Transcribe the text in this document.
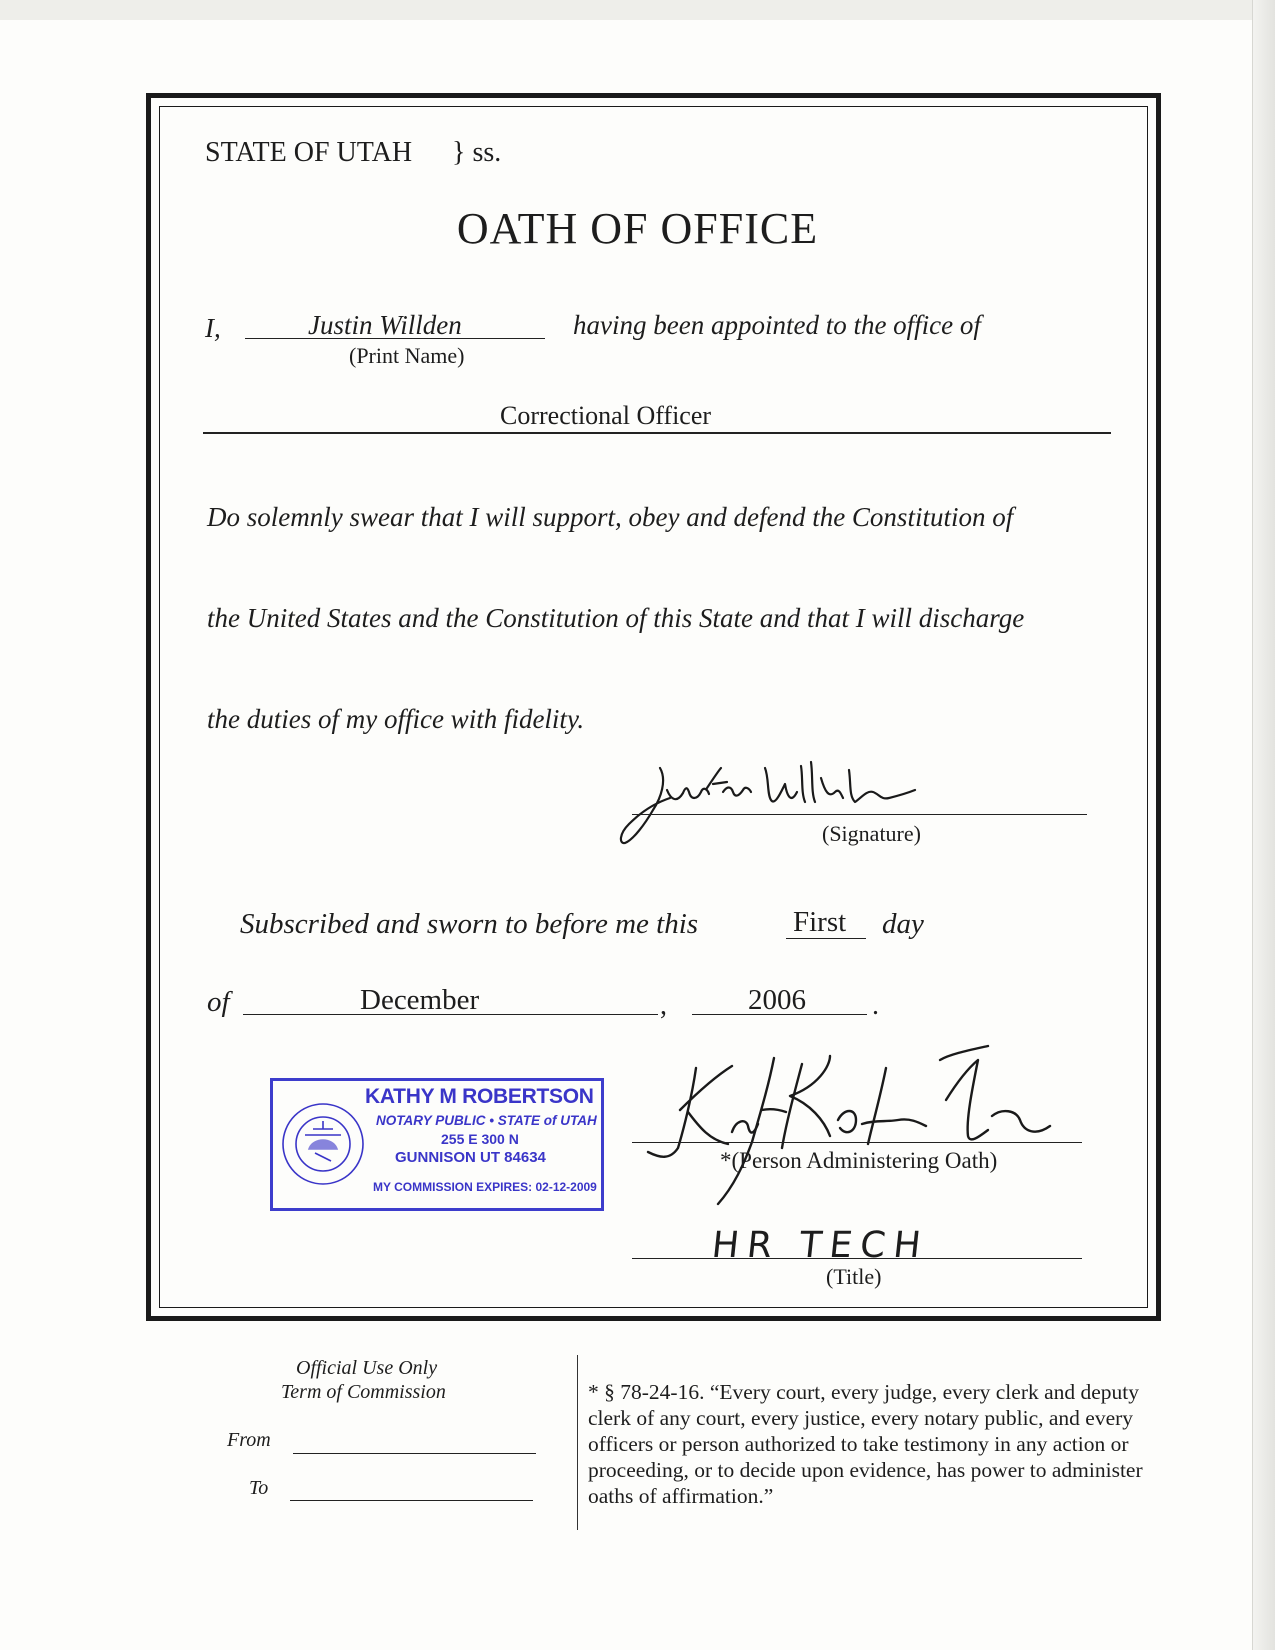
STATE OF UTAH } ss.
OATH OF OFFICE
I,	Justin Willden
(Print Name)
having been appointed to the office of
Correctional Officer
Do solemnly swear that I will support, obey and defend the Constitution of
the United States and the Constitution of this State and that I will discharge
the duties of my office with fidelity.
(Signature)
Subscribed and sworn to before me this	First day
of	December	,	2006 .
KATHY M ROBERTSON
NOTARY PUBLIC • STATE of UTAH
255 E 300 N
GUNNISON UT 84634
MY COMMISSION EXPIRES: 02-12-2009
*(Person Administering Oath)
HR TECH
(Title)
Official Use Only
Term of Commission
From
To
* § 78-24-16. “Every court, every judge, every clerk and deputy clerk of any court, every justice, every notary public, and every officers or person authorized to take testimony in any action or proceeding, or to decide upon evidence, has power to administer oaths of affirmation.”
